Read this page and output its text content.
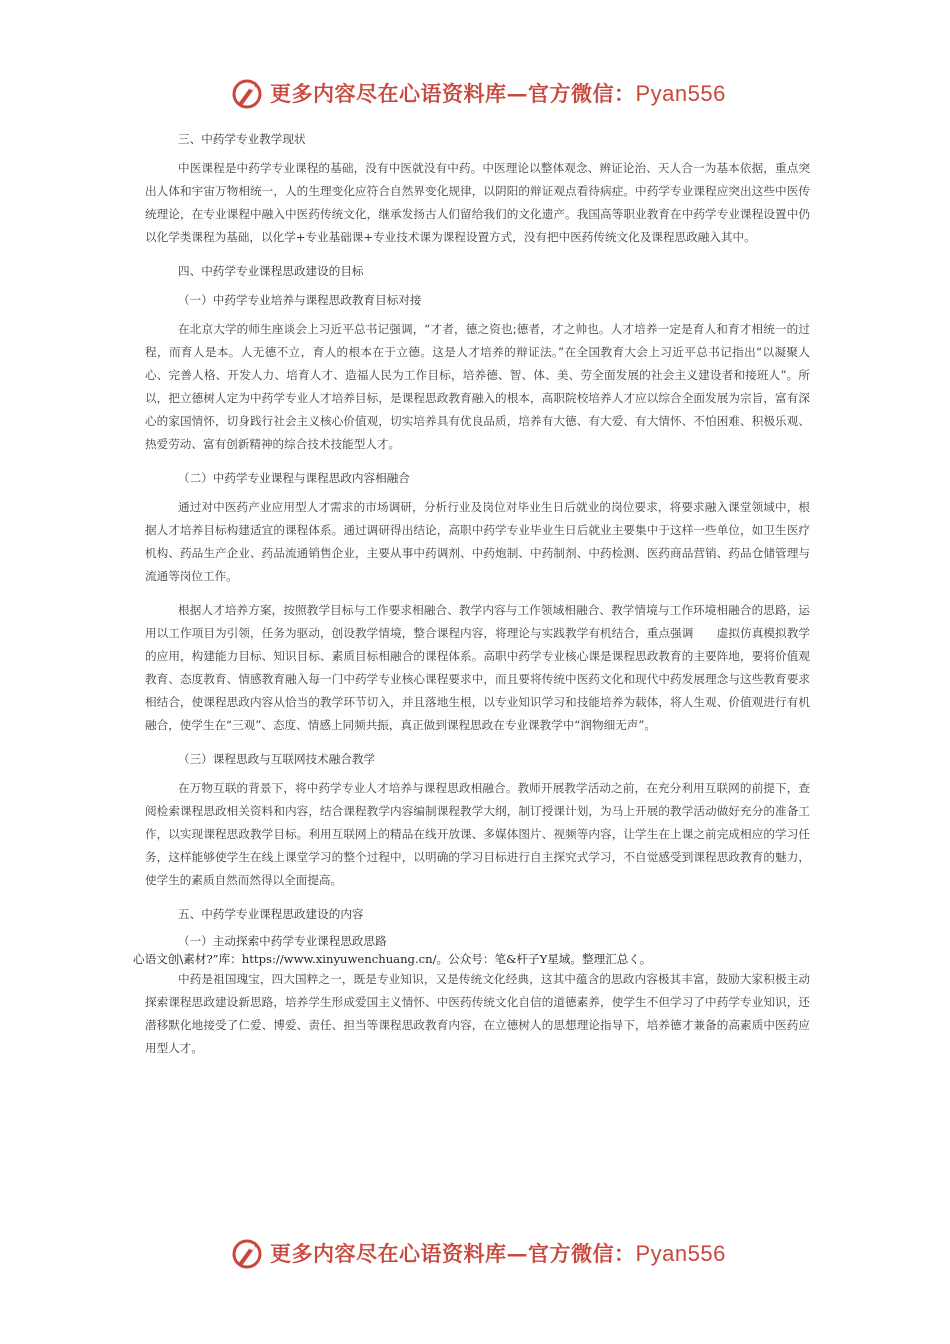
更多内容尽在心语资料库—官方微信：Pyan556

三、中药学专业教学现状

中医课程是中药学专业课程的基础，没有中医就没有中药。中医理论以整体观念、辨证论治、天人合一为基本依据，重点突出人体和宇宙万物相统一，人的生理变化应符合自然界变化规律，以阴阳的辩证观点看待病症。中药学专业课程应突出这些中医传统理论，在专业课程中融入中医药传统文化，继承发扬古人们留给我们的文化遗产。我国高等职业教育在中药学专业课程设置中仍以化学类课程为基础，以化学+专业基础课+专业技术课为课程设置方式，没有把中医药传统文化及课程思政融入其中。

四、中药学专业课程思政建设的目标

（一）中药学专业培养与课程思政教育目标对接

在北京大学的师生座谈会上习近平总书记强调，“才者，德之资也;德者，才之帅也。人才培养一定是育人和育才相统一的过程，而育人是本。人无德不立，育人的根本在于立德。这是人才培养的辩证法。”在全国教育大会上习近平总书记指出“以凝聚人心、完善人格、开发人力、培育人才、造福人民为工作目标，培养德、智、体、美、劳全面发展的社会主义建设者和接班人”。所以，把立德树人定为中药学专业人才培养目标，是课程思政教育融入的根本，高职院校培养人才应以综合全面发展为宗旨，富有深心的家国情怀，切身践行社会主义核心价值观，切实培养具有优良品质，培养有大德、有大爱、有大情怀、不怕困难、积极乐观、热爱劳动、富有创新精神的综合技术技能型人才。

（二）中药学专业课程与课程思政内容相融合

通过对中医药产业应用型人才需求的市场调研，分析行业及岗位对毕业生日后就业的岗位要求，将要求融入课堂领域中，根据人才培养目标构建适宜的课程体系。通过调研得出结论，高职中药学专业毕业生日后就业主要集中于这样一些单位，如卫生医疗机构、药品生产企业、药品流通销售企业，主要从事中药调剂、中药炮制、中药制剂、中药检测、医药商品营销、药品仓储管理与流通等岗位工作。

根据人才培养方案，按照教学目标与工作要求相融合、教学内容与工作领域相融合、教学情境与工作环境相融合的思路，运用以工作项目为引领，任务为驱动，创设教学情境，整合课程内容，将理论与实践教学有机结合，重点强调　　虚拟仿真模拟教学的应用，构建能力目标、知识目标、素质目标相融合的课程体系。高职中药学专业核心课是课程思政教育的主要阵地，要将价值观教育、态度教育、情感教育融入每一门中药学专业核心课程要求中，而且要将传统中医药文化和现代中药发展理念与这些教育要求相结合，使课程思政内容从恰当的教学环节切入，并且落地生根，以专业知识学习和技能培养为载体，将人生观、价值观进行有机融合，使学生在“三观”、态度、情感上同频共振，真正做到课程思政在专业课教学中“润物细无声”。

（三）课程思政与互联网技术融合教学

在万物互联的背景下，将中药学专业人才培养与课程思政相融合。教师开展教学活动之前，在充分利用互联网的前提下，查阅检索课程思政相关资料和内容，结合课程教学内容编制课程教学大纲，制订授课计划，为马上开展的教学活动做好充分的准备工作，以实现课程思政教学目标。利用互联网上的精品在线开放课、多媒体图片、视频等内容，让学生在上课之前完成相应的学习任务，这样能够使学生在线上课堂学习的整个过程中，以明确的学习目标进行自主探究式学习，不自觉感受到课程思政教育的魅力，使学生的素质自然而然得以全面提高。

五、中药学专业课程思政建设的内容

（一）主动探索中药学专业课程思政思路

心语文创\素材?”库：https://www.xinyuwenchuang.cn/。公众号：笔&杆子Y星域。整理汇总く。

中药是祖国瑰宝，四大国粹之一，既是专业知识，又是传统文化经典，这其中蕴含的思政内容极其丰富，鼓励大家积极主动探索课程思政建设新思路，培养学生形成爱国主义情怀、中医药传统文化自信的道德素养，使学生不但学习了中药学专业知识，还潜移默化地接受了仁爱、博爱、责任、担当等课程思政教育内容，在立德树人的思想理论指导下，培养德才兼备的高素质中医药应用型人才。

更多内容尽在心语资料库—官方微信：Pyan556
